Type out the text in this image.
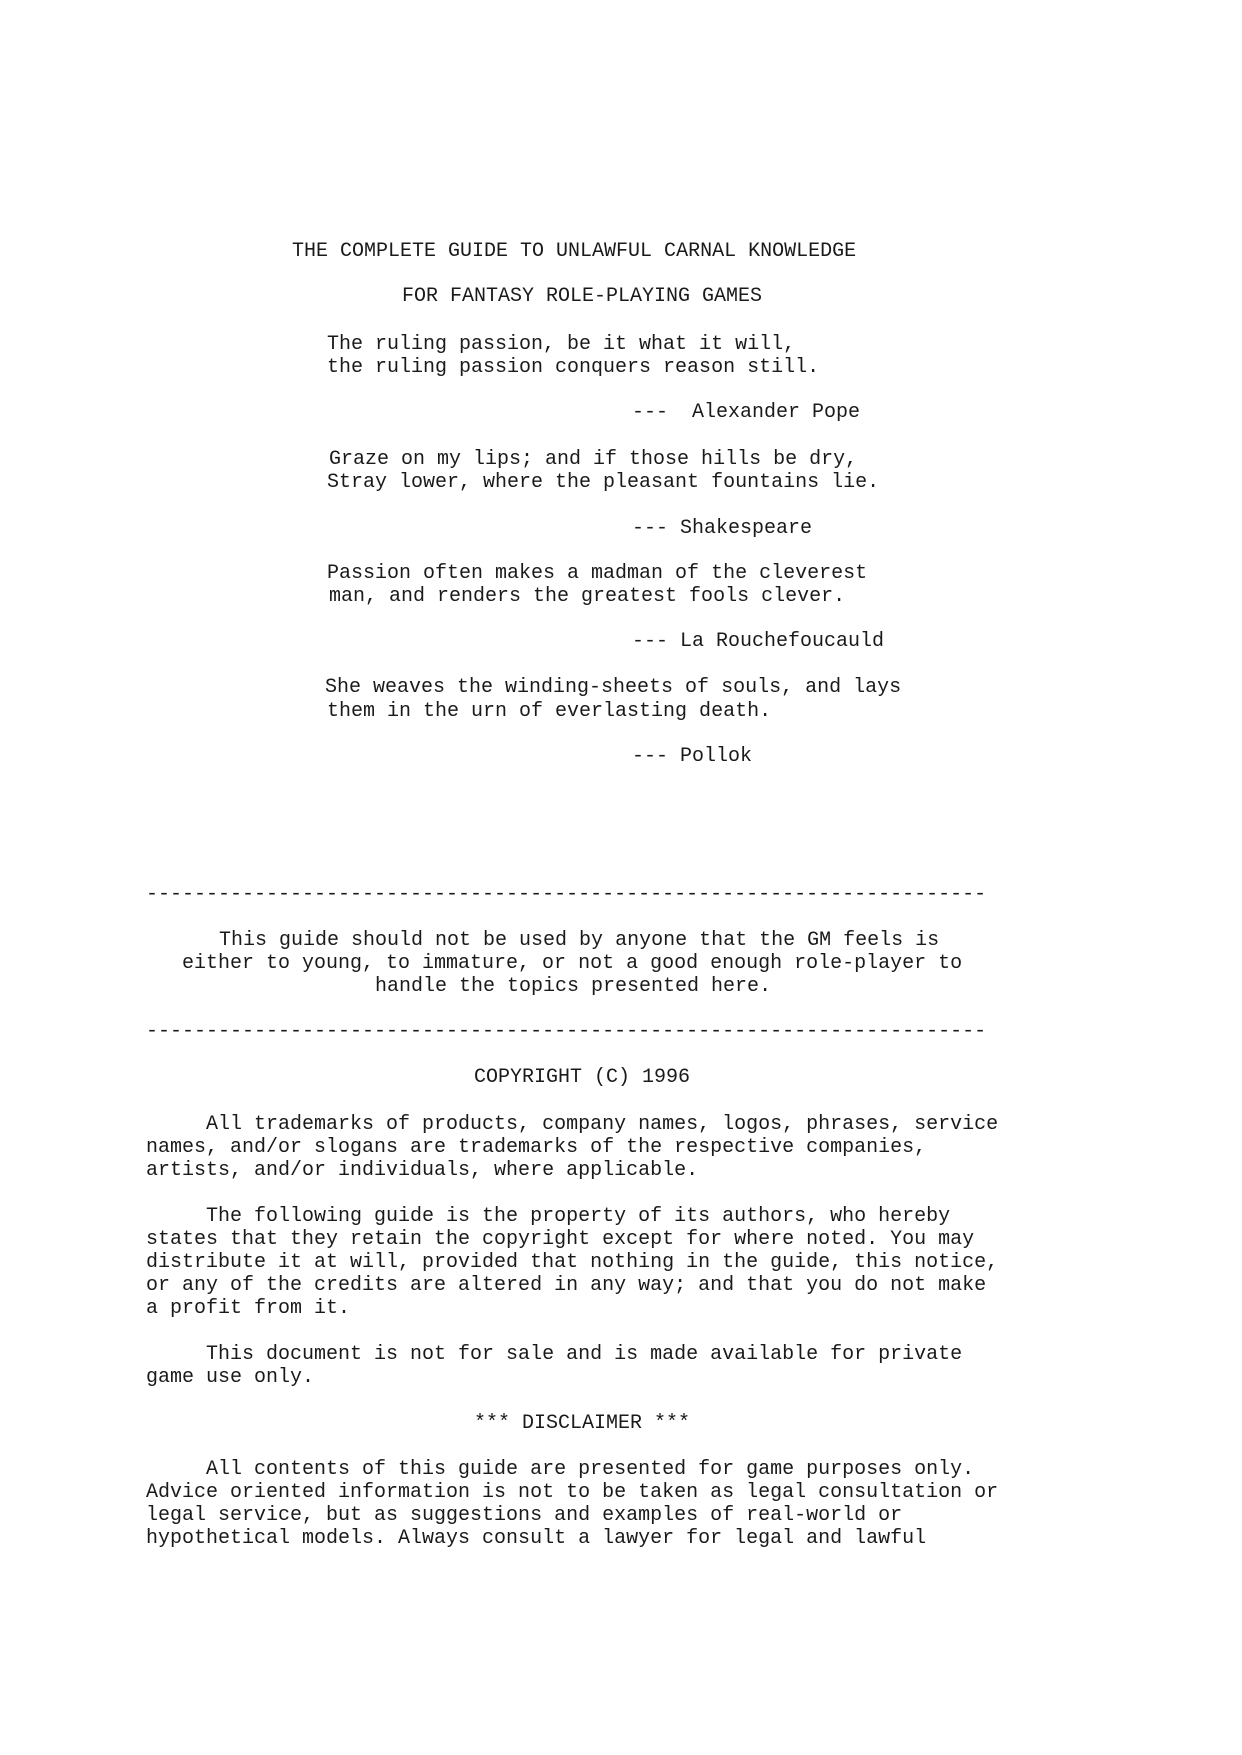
THE COMPLETE GUIDE TO UNLAWFUL CARNAL KNOWLEDGE

FOR FANTASY ROLE-PLAYING GAMES

The ruling passion, be it what it will,

the ruling passion conquers reason still.

---  Alexander Pope

Graze on my lips; and if those hills be dry,

Stray lower, where the pleasant fountains lie.

--- Shakespeare

Passion often makes a madman of the cleverest

man, and renders the greatest fools clever.

--- La Rouchefoucauld

She weaves the winding-sheets of souls, and lays

them in the urn of everlasting death.

--- Pollok

----------------------------------------------------------------------

This guide should not be used by anyone that the GM feels is

either to young, to immature, or not a good enough role-player to

handle the topics presented here.

----------------------------------------------------------------------

COPYRIGHT (C) 1996

All trademarks of products, company names, logos, phrases, service

names, and/or slogans are trademarks of the respective companies,

artists, and/or individuals, where applicable.

The following guide is the property of its authors, who hereby

states that they retain the copyright except for where noted. You may

distribute it at will, provided that nothing in the guide, this notice,

or any of the credits are altered in any way; and that you do not make

a profit from it.

This document is not for sale and is made available for private

game use only.

*** DISCLAIMER ***

All contents of this guide are presented for game purposes only.

Advice oriented information is not to be taken as legal consultation or

legal service, but as suggestions and examples of real-world or

hypothetical models. Always consult a lawyer for legal and lawful
